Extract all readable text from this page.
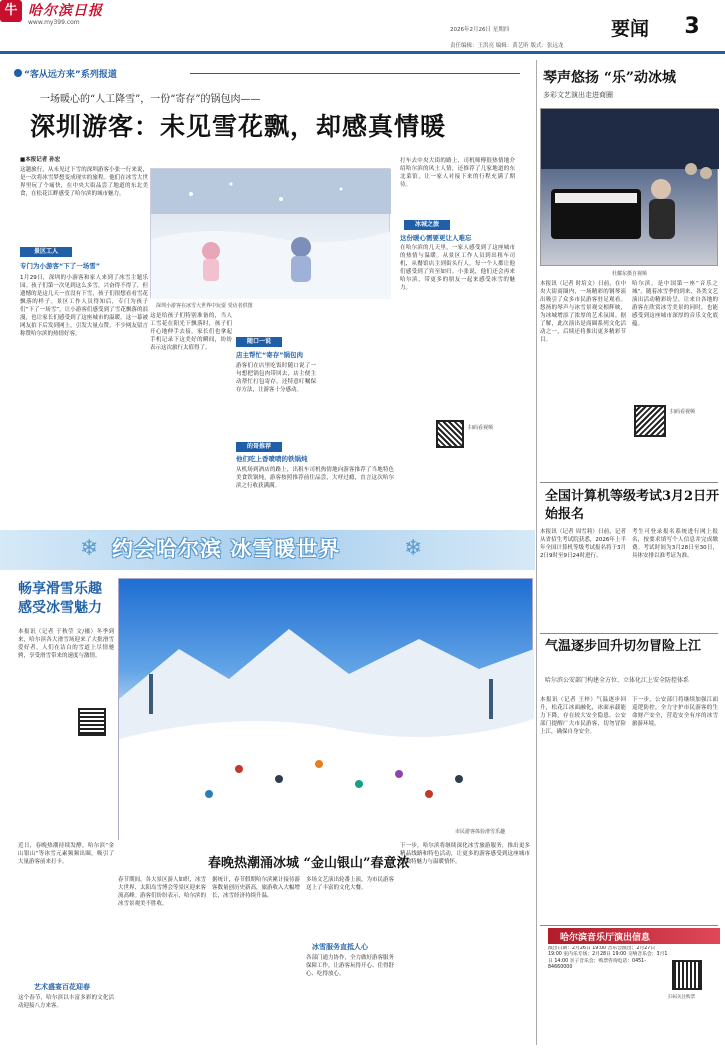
牛 哈尔滨日报
www.my399.com
2026年2月26日 星期四
责任编辑：王洪亮 编辑：黄艺昕 版式：张远龙
要闻	3
“客从远方来”系列报道
一场暖心的“人工降雪”，一份“寄存”的锅包肉——
深圳游客：未见雪花飘，却感真情暖
■本报记者 孙宏
这趟旅行，从未见过下雪的深圳游客小张一行来说，是一次将冰雪梦想变成现实的旅程。他们在冰雪大世界里玩了个痛快，在中央大街品尝了地道的东北美食，在松花江畔感受了哈尔滨的城市魅力。
景区工人
专门为小游客“下了一场雪”
1月29日，深圳的小游客和家人来到了冰雪主题乐园。孩子们第一次见到这么多雪，兴奋得不得了，但遗憾的是这几天一直没有下雪，孩子们很想看看雪花飘落的样子。景区工作人员得知后，专门为孩子们“下了一场雪”，让小游客们感受到了雪花飘落的浪漫，也让家长们感受到了这座城市的温暖。这一幕被网友拍下后发到网上，引发大量点赞，不少网友留言称赞哈尔滨的热情好客。
深圳小游客在冰雪大世界中玩耍 受访者供图
这是给孩子们特别准备的，当人工雪花在阳光下飘落时，孩子们开心地伸手去接。家长们也拿起手机记录下这美好的瞬间，纷纷表示这次旅行太值得了。
随口一说
店主帮忙“寄存”锅包肉
游客们在店里吃饭时随口说了一句想把锅包肉带回去，店主便主动帮忙打包寄存，还特意叮嘱保存方法，让游客十分感动。
的哥推荐
他们吃上香喷喷的铁锅炖
从机场到酒店的路上，出租车司机热情地向游客推荐了当地特色美食铁锅炖，游客按照推荐前往品尝，大呼过瘾，直言这次哈尔滨之行收获满满。
打车去中央大街的路上，司机师傅很热情地介绍哈尔滨的风土人情，还推荐了几家地道的东北菜馆，让一家人对接下来的行程充满了期待。
冰城之旅
这份暖心需要更让人难忘
在哈尔滨的几天里，一家人感受到了这座城市的热情与温暖。从景区工作人员到出租车司机，从餐馆店主到街头行人，每一个人都让他们感受到了宾至如归。小张说，他们还会再来哈尔滨，带更多的朋友一起来感受冰雪的魅力。
扫码看视频
琴声悠扬 “乐”动冰城
多彩文艺演出走进商圈
杜耀东摄自视频
本报讯（记者 时培文）日前，在中央大街商圈内，一场精彩的钢琴演出吸引了众多市民游客驻足观看。悠扬的琴声与冰雪景观交相辉映，为冰城增添了浓厚的艺术氛围。据了解，此次演出是商圈系列文化活动之一，后续还将推出更多精彩节目。
哈尔滨，是中国第一座“音乐之城”。随着冰雪季的到来，各类文艺演出活动精彩纷呈，让来自各地的游客在欣赏冰雪美景的同时，也能感受到这座城市深厚的音乐文化底蕴。
扫码看视频
全国计算机等级考试3月2日开始报名
本报讯（记者 周雪莉）日前，记者从省招生考试院获悉，2026年上半年全国计算机等级考试报名将于3月2日9时至9日24时进行。
考生可登录报名系统进行网上报名，按要求填写个人信息并完成缴费。考试时间为3月28日至30日，具体安排以准考证为准。
气温逐步回升切勿冒险上江
哈尔滨公安部门构建全方位、立体化江上安全防控体系
本报讯（记者 王梓）气温逐步回升，松花江冰面融化，冰面承载能力下降，存在较大安全隐患。公安部门提醒广大市民游客，切勿冒险上江，确保自身安全。
下一步，公安部门将继续加强江面巡逻防控，全力守护市民游客的生命财产安全，营造安全有序的冰雪旅游环境。
哈尔滨音乐厅演出信息
演出日期：2月26日 19:00 音乐会演出；2月27日 19:00 室内乐专场；2月28日 19:00 交响音乐会；3月1日 14:00 亲子音乐会；购票咨询电话：0451-84660000
扫码关注购票
❄ 约会哈尔滨 冰雪暖世界	❄
畅享滑雪乐趣 感受冰雪魅力
本报讯（记者 于秋莹 文/摄）冬季到来，哈尔滨各大滑雪场迎来了大批滑雪爱好者。人们在洁白的雪道上尽情驰骋，享受滑雪带来的速度与激情。
市民游客体验滑雪乐趣
近日，春晚热潮持续发酵，哈尔滨“金山银山”等冰雪元素频频出圈，吸引了大量游客前来打卡。
艺术盛宴百花迎春
这个春节，哈尔滨以丰富多彩的文化活动迎接八方来客。
春晚热潮涌冰城 “金山银山”春意浓
春节期间，各大景区游人如织，冰雪大世界、太阳岛雪博会等景区迎来客流高峰。游客们纷纷表示，哈尔滨的冰雪景观美不胜收。
据统计，春节假期哈尔滨累计接待游客数量创历史新高，旅游收入大幅增长，冰雪经济持续升温。
多场文艺演出轮番上演，为市民游客送上了丰富的文化大餐。
冰雪服务直抵人心
各部门通力协作，全力做好游客服务保障工作，让游客玩得开心、住得舒心、吃得放心。
下一步，哈尔滨将继续深化冰雪旅游服务，推出更多精品线路和特色活动，让更多的游客感受到这座城市的独特魅力与温暖情怀。
